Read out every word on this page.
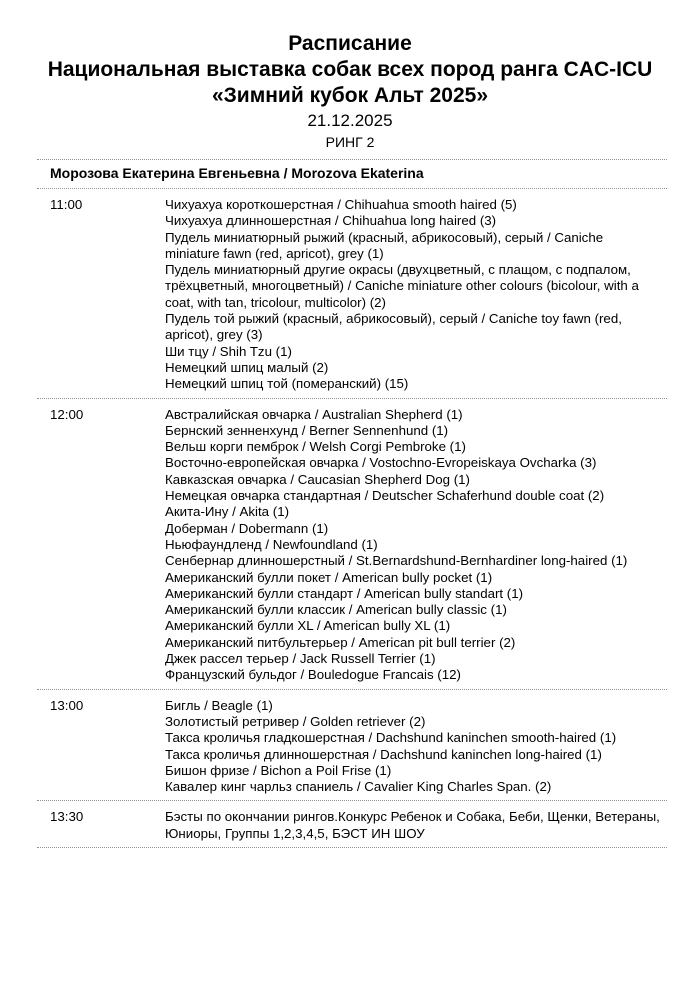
Расписание

Национальная выставка собак всех пород ранга CAC-ICU

«Зимний кубок Альт 2025»

21.12.2025
РИНГ 2
Морозова Екатерина Евгеньевна / Morozova Ekaterina
11:00	Чихуахуа короткошерстная / Chihuahua smooth haired (5)
Чихуахуа длинношерстная / Chihuahua long haired (3)
Пудель миниатюрный рыжий (красный, абрикосовый), серый / Caniche miniature fawn (red, apricot), grey (1)
Пудель миниатюрный другие окрасы (двухцветный, с плащом, с подпалом, трёхцветный, многоцветный) / Caniche miniature other colours (bicolour, with a coat, with tan, tricolour, multicolor) (2)
Пудель той рыжий (красный, абрикосовый), серый / Caniche toy fawn (red, apricot), grey (3)
Ши тцу / Shih Tzu (1)
Немецкий шпиц малый (2)
Немецкий шпиц той (померанский) (15)
12:00	Австралийская овчарка / Australian Shepherd (1)
Бернский зенненхунд / Berner Sennenhund (1)
Вельш корги пемброк / Welsh Corgi Pembroke (1)
Восточно-европейская овчарка / Vostochno-Evropeiskaya Ovcharka (3)
Кавказская овчарка / Caucasian Shepherd Dog (1)
Немецкая овчарка стандартная / Deutscher Schaferhund double coat (2)
Акита-Ину / Akita (1)
Доберман / Dobermann (1)
Ньюфаундленд / Newfoundland (1)
Сенбернар длинношерстный / St.Bernardshund-Bernhardiner long-haired (1)
Американский булли покет / American bully pocket (1)
Американский булли стандарт / American bully standart (1)
Американский булли классик / American bully classic (1)
Американский булли XL / American bully XL (1)
Американский питбультерьер / American pit bull terrier (2)
Джек рассел терьер / Jack Russell Terrier (1)
Французский бульдог / Bouledogue Francais (12)
13:00	Бигль / Beagle (1)
Золотистый ретривер / Golden retriever (2)
Такса кроличья гладкошерстная / Dachshund kaninchen smooth-haired (1)
Такса кроличья длинношерстная / Dachshund kaninchen long-haired (1)
Бишон фризе / Bichon a Poil Frise (1)
Кавалер кинг чарльз спаниель / Cavalier King Charles Span. (2)
13:30	Бэсты по окончании рингов.Конкурс Ребенок и Собака, Беби, Щенки, Ветераны, Юниоры, Группы 1,2,3,4,5, БЭСТ ИН ШОУ
